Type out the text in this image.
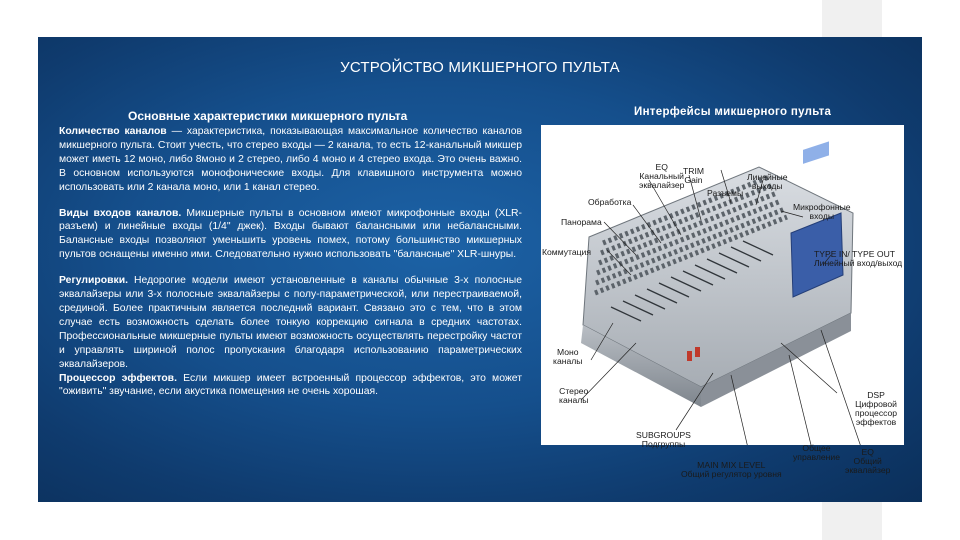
УСТРОЙСТВО МИКШЕРНОГО ПУЛЬТА
Основные характеристики микшерного пульта	Интерфейсы микшерного пульта

Количество каналов — характеристика, показывающая максимальное количество каналов микшерного пульта. Стоит учесть, что стерео входы — 2 канала, то есть 12-канальный микшер может иметь 12 моно, либо 8моно и 2 стерео, либо 4 моно и 4 стерео входа. Это очень важно. В основном используются монофонические входы. Для клавишного инструмента можно использовать или 2 канала моно, или 1 канал стерео.

Виды входов каналов. Микшерные пульты в основном имеют микрофонные входы (XLR-разъем) и линейные входы (1/4" джек). Входы бывают балансными или небалансными. Балансные входы позволяют уменьшить уровень помех, потому большинство микшерных пультов оснащены именно ими. Следовательно нужно использовать "балансные" XLR-шнуры.

Регулировки. Недорогие модели имеют установленные в каналы обычные 3-х полосные эквалайзеры или 3-х полосные эквалайзеры с полу-параметрической, или перестраиваемой, срединой. Более практичным является последний вариант. Связано это с тем, что в этом случае есть возможность сделать более тонкую коррекцию сигнала в средних частотах. Профессиональные микшерные пульты имеют возможность осуществлять перестройку частот и управлять шириной полос пропускания благодаря использованию параметрических эквалайзеров.

Процессор эффектов. Если микшер имеет встроенный процессор эффектов, это может "оживить" звучание, если акустика помещения не очень хорошая.

EQ
Канальный
эквалайзер
TRIM
Gain	Линейные
выходы
Разъемы
Обработка
Панорама
Микрофонные
входы
Коммутация	TYPE IN/ TYPE OUT
Линейный вход/выход
Моно
каналы
Стерео
каналы	DSP
Цифровой
процессор
эффектов
SUBGROUPS
Подгруппы	Общее
управление	EQ
Общий
эквалайзер
MAIN MIX LEVEL
Общий регулятор уровня
